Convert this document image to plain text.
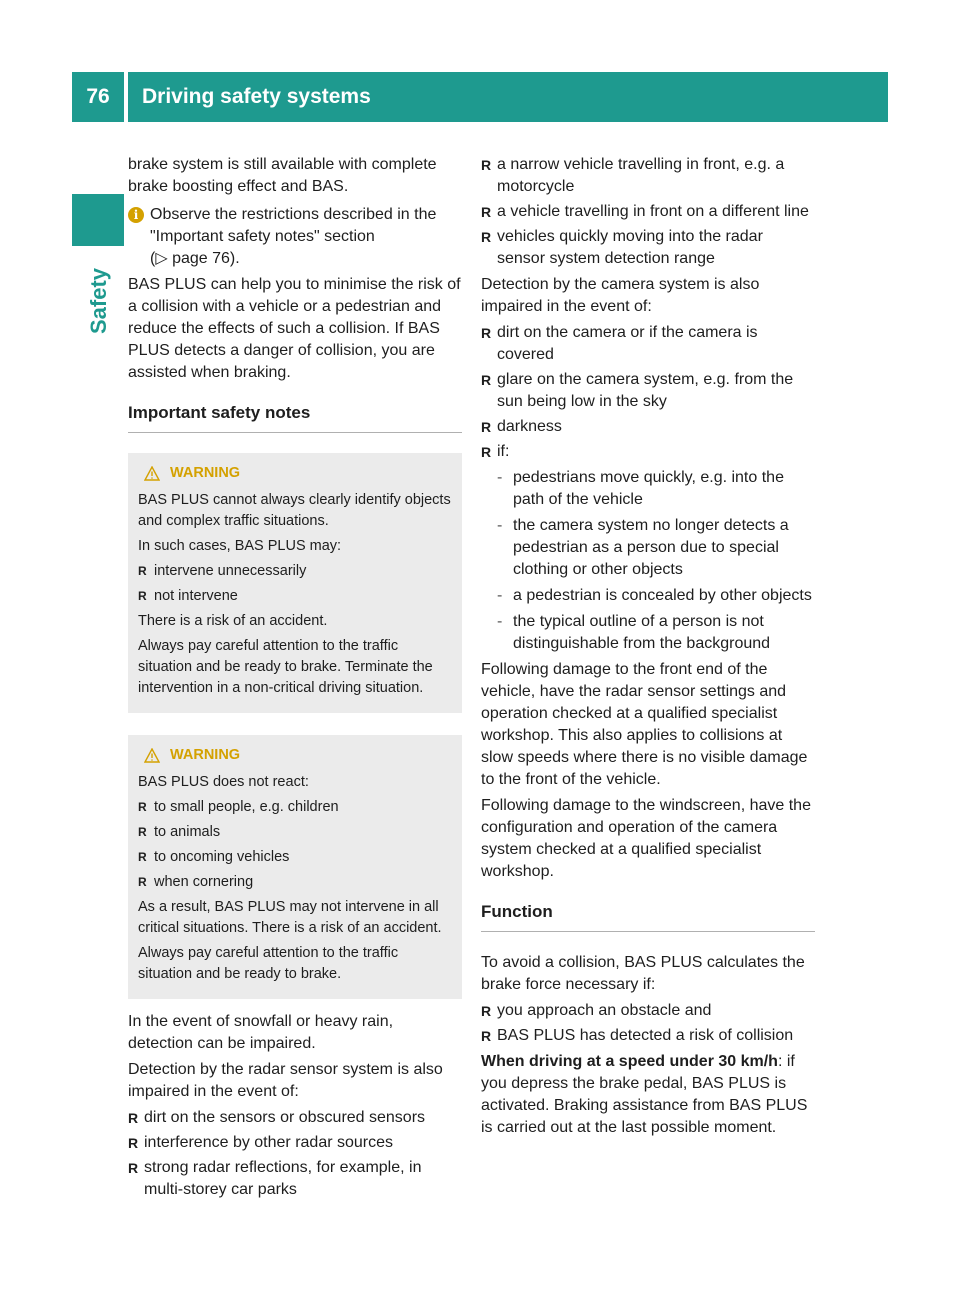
76	Driving safety systems
Safety

brake system is still available with complete brake boosting effect and BAS.

i Observe the restrictions described in the "Important safety notes" section
(▷ page 76).

BAS PLUS can help you to minimise the risk of a collision with a vehicle or a pedestrian and reduce the effects of such a collision. If BAS PLUS detects a danger of collision, you are assisted when braking.

Important safety notes
WARNING

BAS PLUS cannot always clearly identify objects and complex traffic situations.

In such cases, BAS PLUS may:

R intervene unnecessarily
R not intervene

There is a risk of an accident.

Always pay careful attention to the traffic situation and be ready to brake. Terminate the intervention in a non-critical driving situation.

WARNING

BAS PLUS does not react:

R to small people, e.g. children
R to animals
R to oncoming vehicles
R when cornering

As a result, BAS PLUS may not intervene in all critical situations. There is a risk of an accident.

Always pay careful attention to the traffic situation and be ready to brake.

In the event of snowfall or heavy rain, detection can be impaired.

Detection by the radar sensor system is also impaired in the event of:

R dirt on the sensors or obscured sensors
R interference by other radar sources
R strong radar reflections, for example, in multi-storey car parks
R a narrow vehicle travelling in front, e.g. a motorcycle
R a vehicle travelling in front on a different line
R vehicles quickly moving into the radar sensor system detection range

Detection by the camera system is also impaired in the event of:

R dirt on the camera or if the camera is covered
R glare on the camera system, e.g. from the sun being low in the sky
R darkness
R if:
- pedestrians move quickly, e.g. into the path of the vehicle
- the camera system no longer detects a pedestrian as a person due to special clothing or other objects
- a pedestrian is concealed by other objects
- the typical outline of a person is not distinguishable from the background

Following damage to the front end of the vehicle, have the radar sensor settings and operation checked at a qualified specialist workshop. This also applies to collisions at slow speeds where there is no visible damage to the front of the vehicle.

Following damage to the windscreen, have the configuration and operation of the camera system checked at a qualified specialist workshop.

Function

To avoid a collision, BAS PLUS calculates the brake force necessary if:

R you approach an obstacle and
R BAS PLUS has detected a risk of collision

When driving at a speed under 30 km/h: if you depress the brake pedal, BAS PLUS is activated. Braking assistance from BAS PLUS is carried out at the last possible moment.
